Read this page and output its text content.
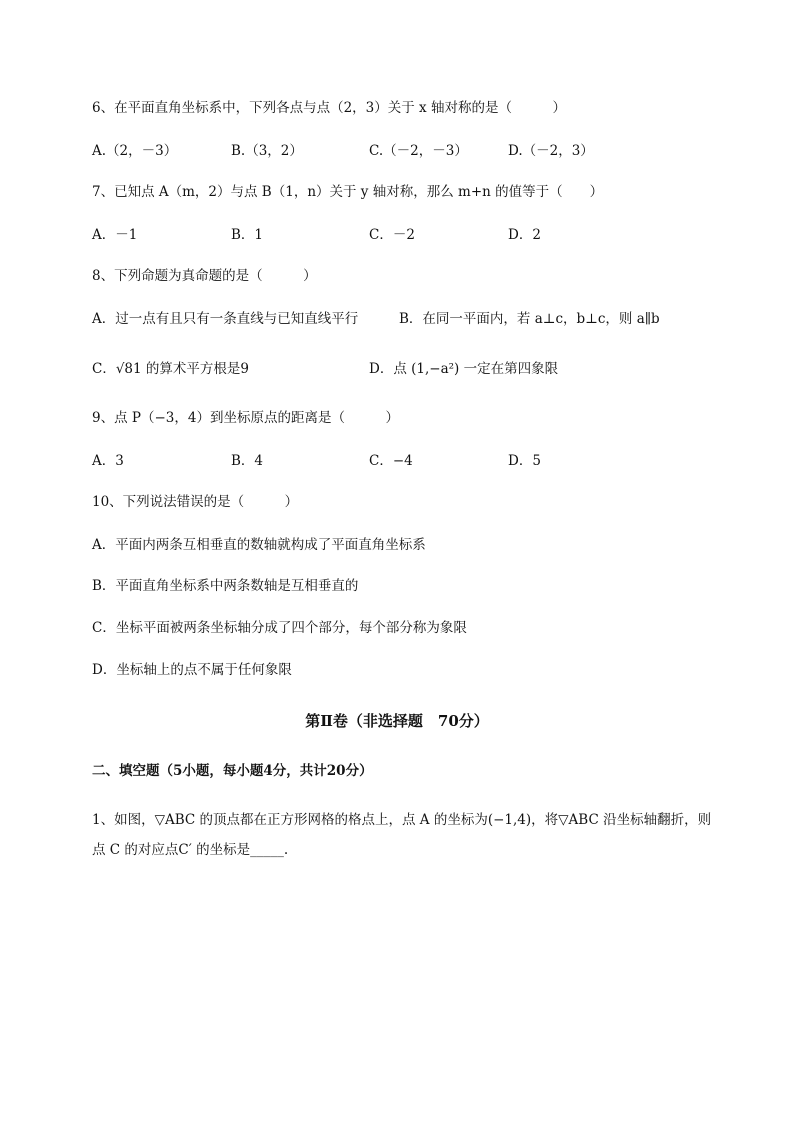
6、在平面直角坐标系中，下列各点与点（2，3）关于 x 轴对称的是（　　　）
A.（2，－3）	B.（3，2）	C.（－2，－3）	D.（－2，3）
7、已知点 A（m，2）与点 B（1，n）关于 y 轴对称，那么 m+n 的值等于（　　）
A．－1	B．1	C．－2	D．2
8、下列命题为真命题的是（　　　）
A．过一点有且只有一条直线与已知直线平行	B．在同一平面内，若 a⊥c，b⊥c，则 a∥b
C．√81 的算术平方根是9	D．点 (1,−a²) 一定在第四象限
9、点 P（−3，4）到坐标原点的距离是（　　　）
A．3	B．4	C．−4	D．5
10、下列说法错误的是（　　　）
A．平面内两条互相垂直的数轴就构成了平面直角坐标系
B．平面直角坐标系中两条数轴是互相垂直的
C．坐标平面被两条坐标轴分成了四个部分，每个部分称为象限
D．坐标轴上的点不属于任何象限
第Ⅱ卷（非选择题　70分）
二、填空题（5小题，每小题4分，共计20分）
1、如图，▽ABC 的顶点都在正方形网格的格点上，点 A 的坐标为(−1,4)，将▽ABC 沿坐标轴翻折，则
点 C 的对应点C′ 的坐标是_____.
